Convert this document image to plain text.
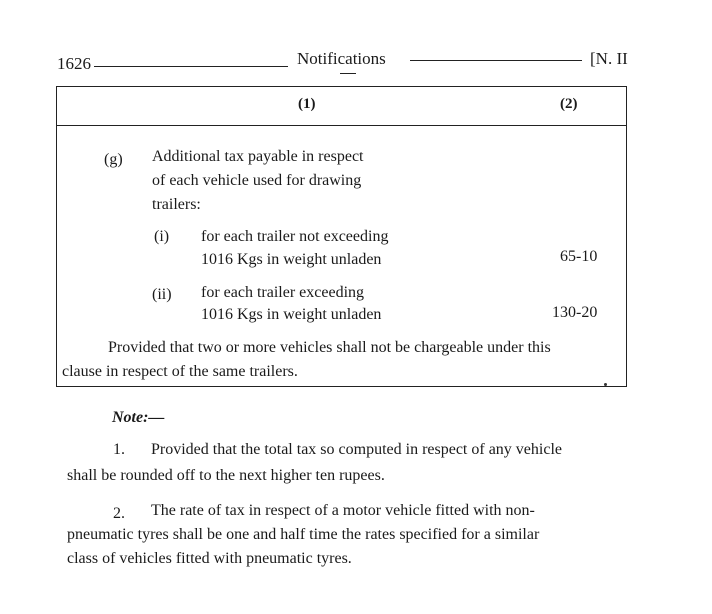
1626	Notifications	[N. II
(1)	(2)
(g) Additional tax payable in respect
of each vehicle used for drawing
trailers:
(i) for each trailer not exceeding
1016 Kgs in weight unladen	65-10
(ii) for each trailer exceeding
1016 Kgs in weight unladen	130-20
Provided that two or more vehicles shall not be chargeable under this
clause in respect of the same trailers.
Note:—
1. Provided that the total tax so computed in respect of any vehicle
shall be rounded off to the next higher ten rupees.
2. The rate of tax in respect of a motor vehicle fitted with non-
pneumatic tyres shall be one and half time the rates specified for a similar
class of vehicles fitted with pneumatic tyres.
